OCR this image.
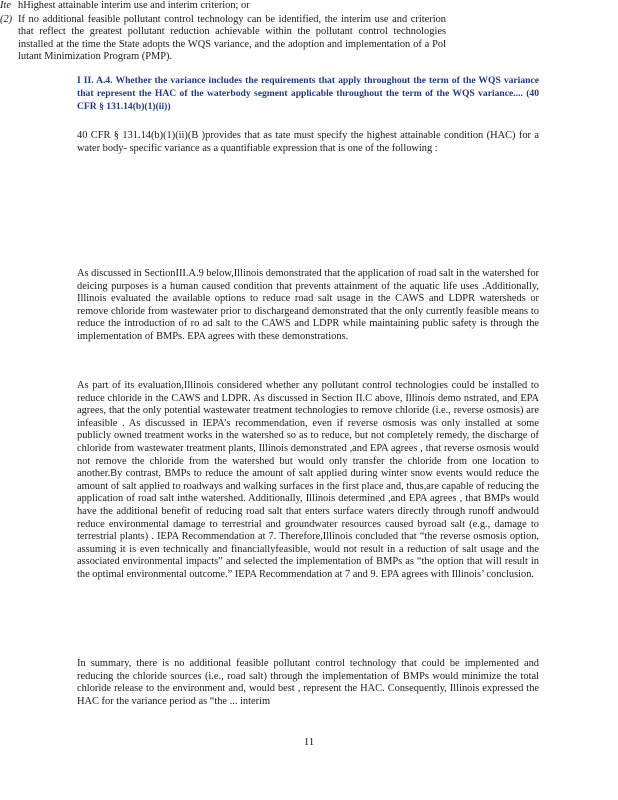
I II. A.4. Whether the variance includes the requirements that apply throughout the term of the WQS variance that represent the HAC of the waterbody segment applicable throughout the term of the WQS variance.... (40 CFR § 131.14(b)(1)(ii))

40 CFR § 131.14(b)(1)(ii)(B )provides that as tate must specify the highest attainable condition (HAC) for a water body- specific variance as a quantifiable expression that is one of the following :

Ite hHighest attainable interim use and interim criterion; or
(2) If no additional feasible pollutant control technology can be identified, the interim use and criterion that reflect the greatest pollutant reduction achievable within the pollutant control technologies installed at the time the State adopts the WQS variance, and the adoption and implementation of a Pol lutant Minimization Program (PMP).

As discussed in SectionIII.A.9 below,Illinois demonstrated that the application of road salt in the watershed for deicing purposes is a human caused condition that prevents attainment of the aquatic life uses .Additionally, Illinois evaluated the available options to reduce road salt usage in the CAWS and LDPR watersheds or remove chloride from wastewater prior to dischargeand demonstrated that the only currently feasible means to reduce the introduction of ro ad salt to the CAWS and LDPR while maintaining public safety is through the implementation of BMPs. EPA agrees with these demonstrations.

As part of its evaluation,Illinois considered whether any pollutant control technologies could be installed to reduce chloride in the CAWS and LDPR. As discussed in Section II.C above, Illinois demo nstrated, and EPA agrees, that the only potential wastewater treatment technologies to remove chloride (i.e., reverse osmosis) are infeasible . As discussed in IEPA’s recommendation, even if reverse osmosis was only installed at some publicly owned treatment works in the watershed so as to reduce, but not completely remedy, the discharge of chloride from wastewater treatment plants, Illinois demonstrated ,and EPA agrees , that reverse osmosis would not remove the chloride from the watershed but would only transfer the chloride from one location to another.By contrast, BMPs to reduce the amount of salt applied during winter snow events would reduce the amount of salt applied to roadways and walking surfaces in the first place and, thus,are capable of reducing the application of road salt inthe watershed. Additionally, Illinois determined ,and EPA agrees , that BMPs would have the additional benefit of reducing road salt that enters surface waters directly through runoff andwould reduce environmental damage to terrestrial and groundwater resources caused byroad salt (e.g., damage to terrestrial plants) . IEPA Recommendation at 7. Therefore,Illinois concluded that “the reverse osmosis option, assuming it is even technically and financiallyfeasible, would not result in a reduction of salt usage and the associated environmental impacts” and selected the implementation of BMPs as “the option that will result in the optimal environmental outcome.” IEPA Recommendation at 7 and 9. EPA agrees with Illinois’ conclusion.

In summary, there is no additional feasible pollutant control technology that could be implemented and reducing the chloride sources (i.e., road salt) through the implementation of BMPs would minimize the total chloride release to the environment and, would best , represent the HAC. Consequently, Illinois expressed the HAC for the variance period as “the ... interim

11
